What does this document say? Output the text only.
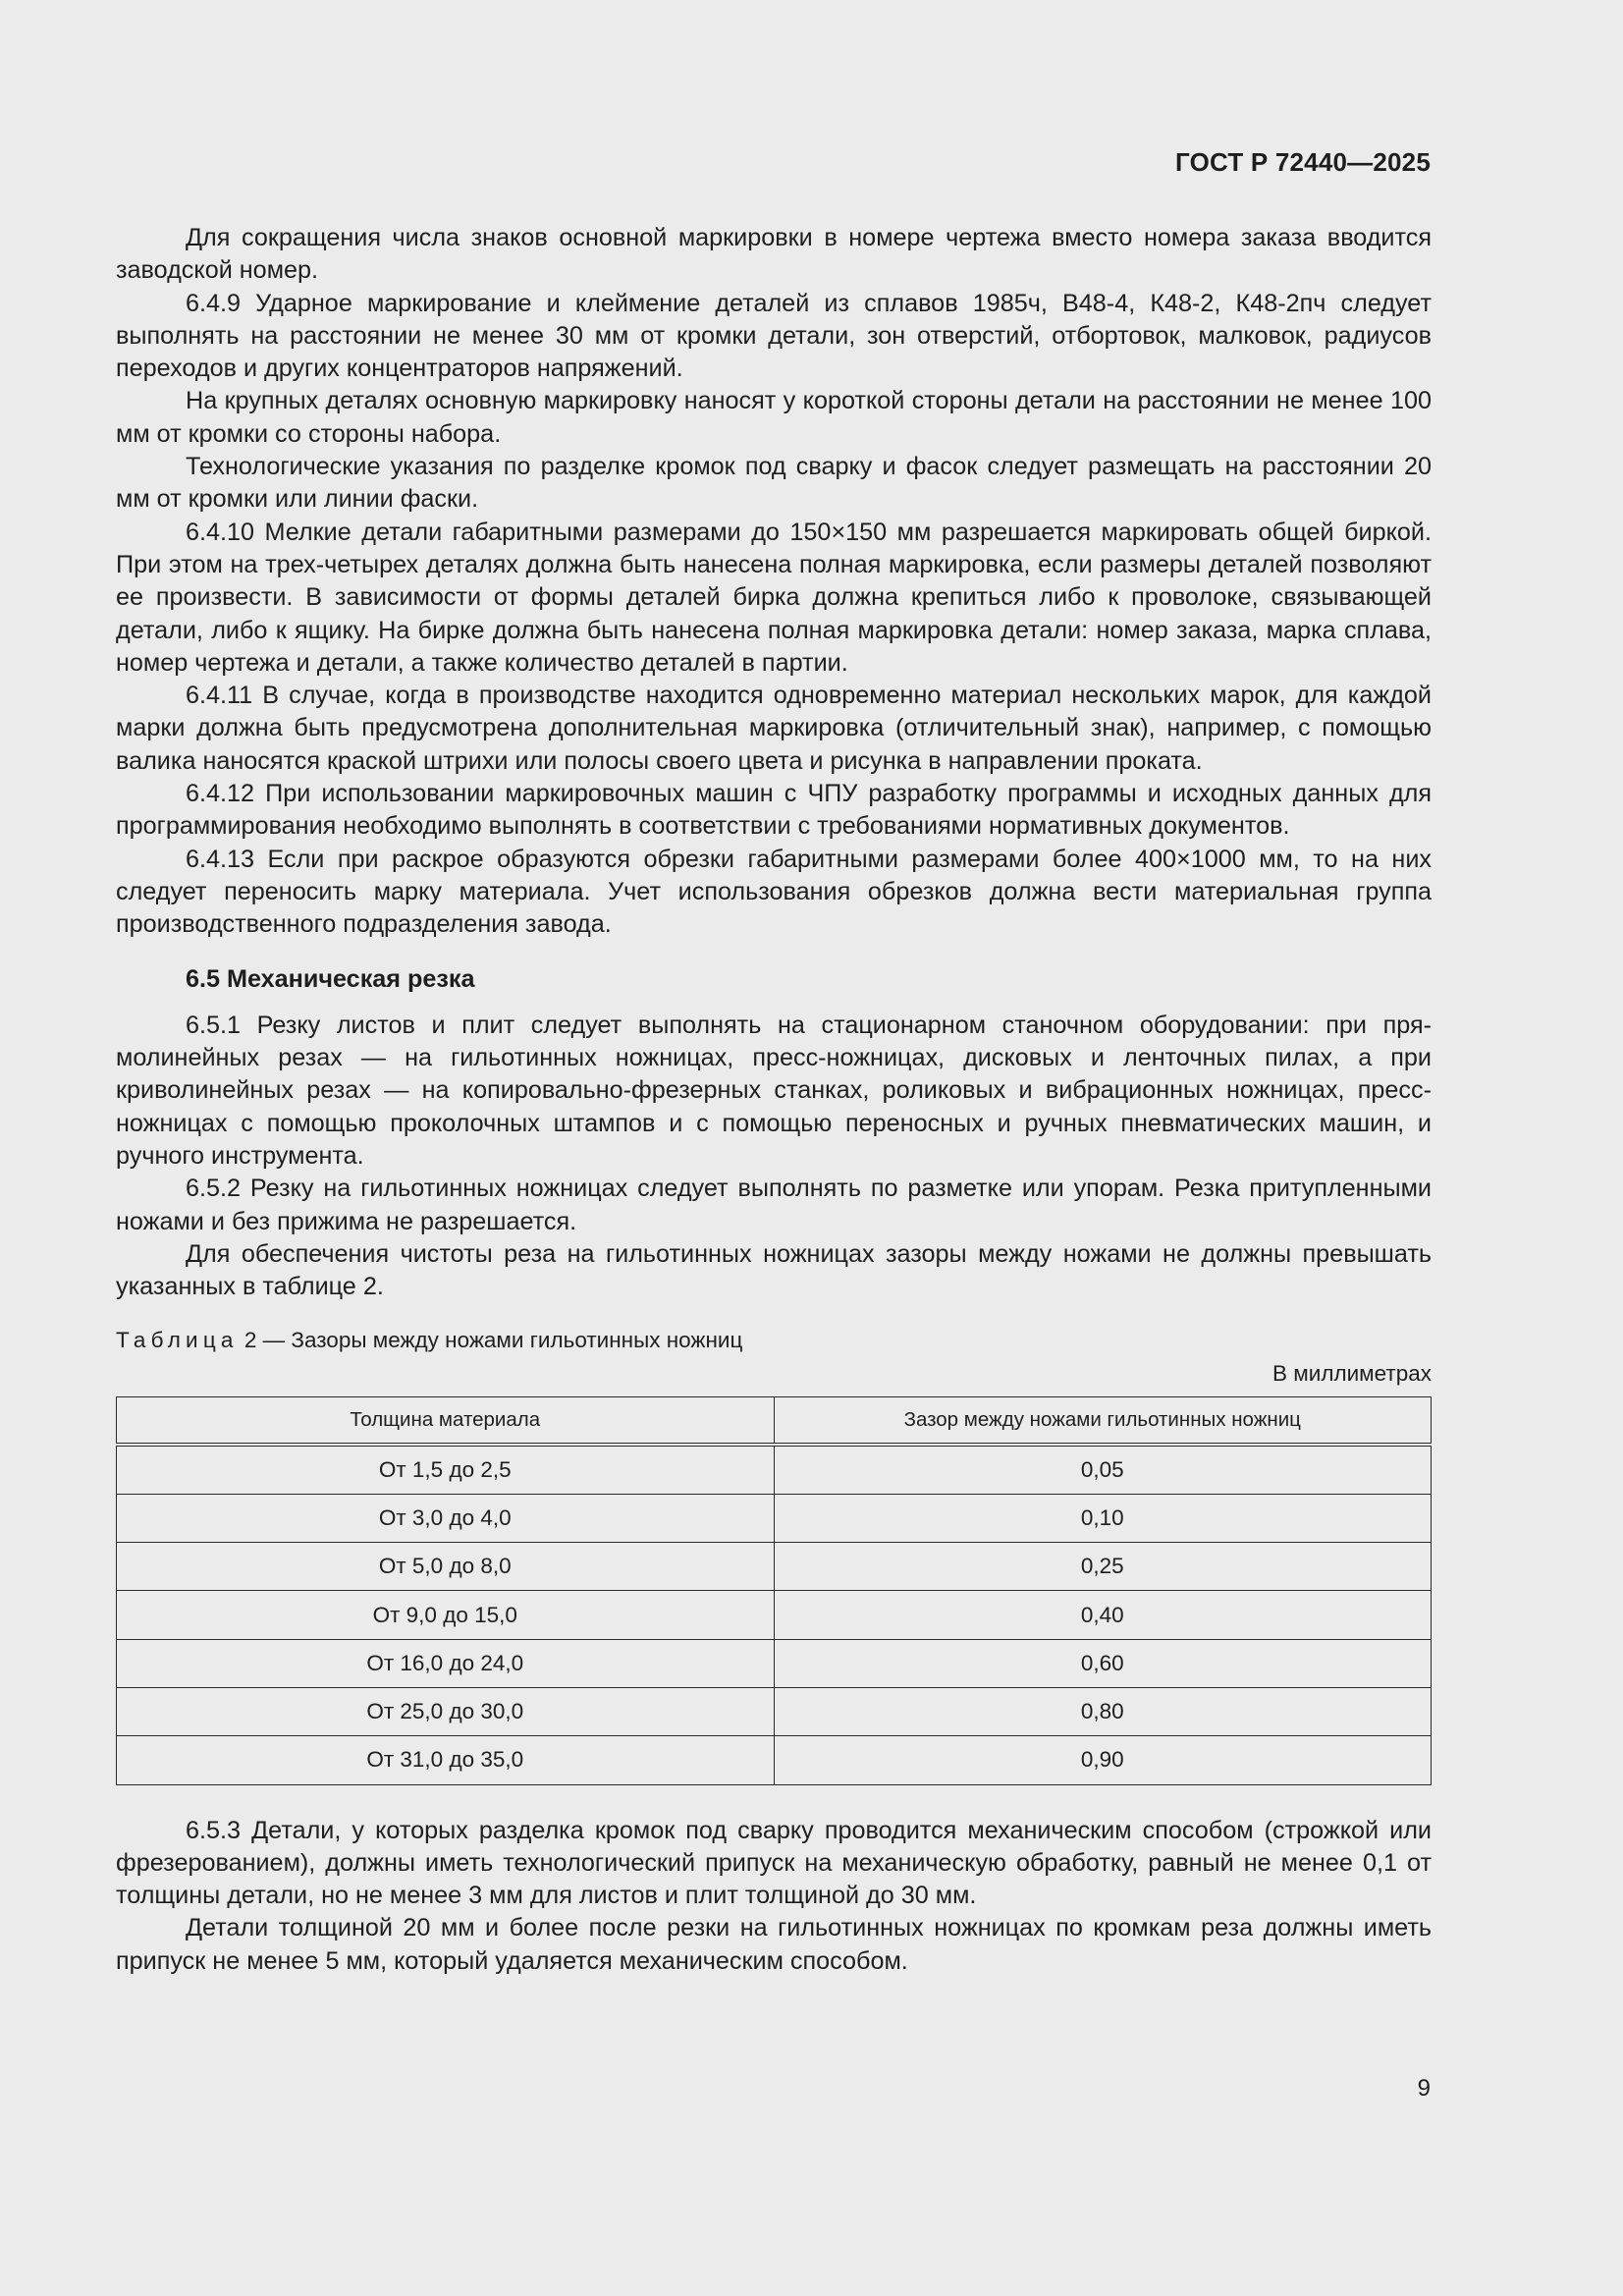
ГОСТ Р 72440—2025

Для сокращения числа знаков основной маркировки в номере чертежа вместо номера заказа вводится заводской номер.

6.4.9 Ударное маркирование и клеймение деталей из сплавов 1985ч, В48-4, К48-2, К48-2пч следует выполнять на расстоянии не менее 30 мм от кромки детали, зон отверстий, отбортовок, малковок, радиусов переходов и других концентраторов напряжений.

На крупных деталях основную маркировку наносят у короткой стороны детали на расстоянии не менее 100 мм от кромки со стороны набора.

Технологические указания по разделке кромок под сварку и фасок следует размещать на расстоянии 20 мм от кромки или линии фаски.

6.4.10 Мелкие детали габаритными размерами до 150×150 мм разрешается маркировать общей биркой. При этом на трех-четырех деталях должна быть нанесена полная маркировка, если размеры деталей позволяют ее произвести. В зависимости от формы деталей бирка должна крепиться либо к проволоке, связывающей детали, либо к ящику. На бирке должна быть нанесена полная маркировка детали: номер заказа, марка сплава, номер чертежа и детали, а также количество деталей в партии.

6.4.11 В случае, когда в производстве находится одновременно материал нескольких марок, для каждой марки должна быть предусмотрена дополнительная маркировка (отличительный знак), например, с помощью валика наносятся краской штрихи или полосы своего цвета и рисунка в направлении проката.

6.4.12 При использовании маркировочных машин с ЧПУ разработку программы и исходных данных для программирования необходимо выполнять в соответствии с требованиями нормативных документов.

6.4.13 Если при раскрое образуются обрезки габаритными размерами более 400×1000 мм, то на них следует переносить марку материала. Учет использования обрезков должна вести материальная группа производственного подразделения завода.

6.5 Механическая резка

6.5.1 Резку листов и плит следует выполнять на стационарном станочном оборудовании: при прямолинейных резах — на гильотинных ножницах, пресс-ножницах, дисковых и ленточных пилах, а при криволинейных резах — на копировально-фрезерных станках, роликовых и вибрационных ножницах, пресс-ножницах с помощью проколочных штампов и с помощью переносных и ручных пневматических машин, и ручного инструмента.

6.5.2 Резку на гильотинных ножницах следует выполнять по разметке или упорам. Резка притупленными ножами и без прижима не разрешается.

Для обеспечения чистоты реза на гильотинных ножницах зазоры между ножами не должны превышать указанных в таблице 2.

Таблица 2 — Зазоры между ножами гильотинных ножниц
В миллиметрах
Толщина материала	Зазор между ножами гильотинных ножниц
От 1,5 до 2,5	0,05
От 3,0 до 4,0	0,10
От 5,0 до 8,0	0,25
От 9,0 до 15,0	0,40
От 16,0 до 24,0	0,60
От 25,0 до 30,0	0,80
От 31,0 до 35,0	0,90

6.5.3 Детали, у которых разделка кромок под сварку проводится механическим способом (строжкой или фрезерованием), должны иметь технологический припуск на механическую обработку, равный не менее 0,1 от толщины детали, но не менее 3 мм для листов и плит толщиной до 30 мм.

Детали толщиной 20 мм и более после резки на гильотинных ножницах по кромкам реза должны иметь припуск не менее 5 мм, который удаляется механическим способом.

9
